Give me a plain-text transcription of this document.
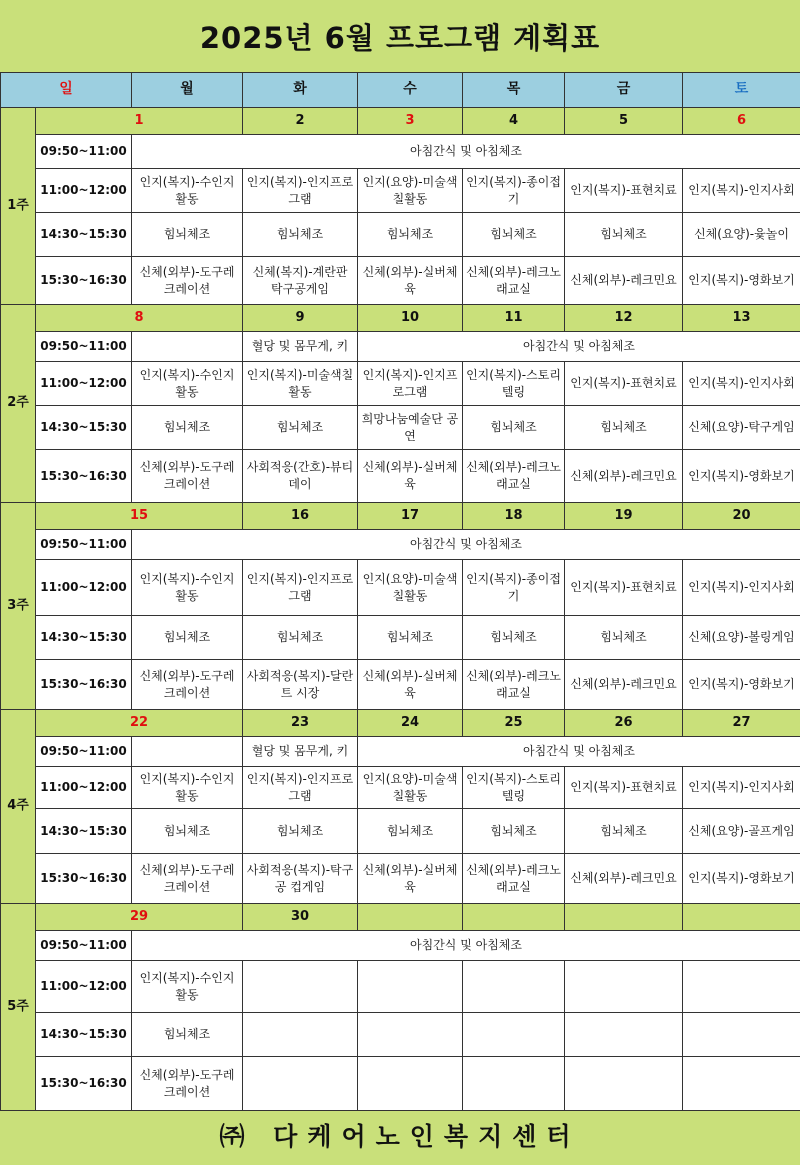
2025년 6월 프로그램 계획표
일		월	화	수	목	금	토	
1주	1		2	3	4	5	6	
	09:50~11:00	아침간식 및 아침체조						
	11:00~12:00	인지(복지)-수인지 활동	인지(복지)-인지프로그램	인지(요양)-미술색칠활동	인지(복지)-종이접기	인지(복지)-표현치료	인지(복지)-인지사회	
	14:30~15:30	힘뇌체조	힘뇌체조	힘뇌체조	힘뇌체조	힘뇌체조	신체(요양)-윷놀이	
	15:30~16:30	신체(외부)-도구레크레이션	신체(복지)-계란판 탁구공게임	신체(외부)-실버체육	신체(외부)-레크노래교실	신체(외부)-레크민요	인지(복지)-영화보기	
2주	8		9	10	11	12	13	
	09:50~11:00		혈당 및 몸무게, 키	아침간식 및 아침체조				
	11:00~12:00	인지(복지)-수인지 활동	인지(복지)-미술색칠활동	인지(복지)-인지프로그램	인지(복지)-스토리텔링	인지(복지)-표현치료	인지(복지)-인지사회	
	14:30~15:30	힘뇌체조	힘뇌체조	희망나눔예술단 공연	힘뇌체조	힘뇌체조	신체(요양)-탁구게임	
	15:30~16:30	신체(외부)-도구레크레이션	사회적응(간호)-뷰티데이	신체(외부)-실버체육	신체(외부)-레크노래교실	신체(외부)-레크민요	인지(복지)-영화보기	
3주	15		16	17	18	19	20	
	09:50~11:00	아침간식 및 아침체조						
	11:00~12:00	인지(복지)-수인지 활동	인지(복지)-인지프로그램	인지(요양)-미술색칠활동	인지(복지)-종이접기	인지(복지)-표현치료	인지(복지)-인지사회	
	14:30~15:30	힘뇌체조	힘뇌체조	힘뇌체조	힘뇌체조	힘뇌체조	신체(요양)-볼링게임	
	15:30~16:30	신체(외부)-도구레크레이션	사회적응(복지)-달란트 시장	신체(외부)-실버체육	신체(외부)-레크노래교실	신체(외부)-레크민요	인지(복지)-영화보기	
4주	22		23	24	25	26	27	
	09:50~11:00		혈당 및 몸무게, 키	아침간식 및 아침체조				
	11:00~12:00	인지(복지)-수인지 활동	인지(복지)-인지프로그램	인지(요양)-미술색칠활동	인지(복지)-스토리텔링	인지(복지)-표현치료	인지(복지)-인지사회	
	14:30~15:30	힘뇌체조	힘뇌체조	힘뇌체조	힘뇌체조	힘뇌체조	신체(요양)-골프게임	
	15:30~16:30	신체(외부)-도구레크레이션	사회적응(복지)-탁구공 컵게임	신체(외부)-실버체육	신체(외부)-레크노래교실	신체(외부)-레크민요	인지(복지)-영화보기	
5주	29		30					
	09:50~11:00	아침간식 및 아침체조						
	11:00~12:00	인지(복지)-수인지 활동						
	14:30~15:30	힘뇌체조						
	15:30~16:30	신체(외부)-도구레크레이션						
㈜ 다케어노인복지센터
